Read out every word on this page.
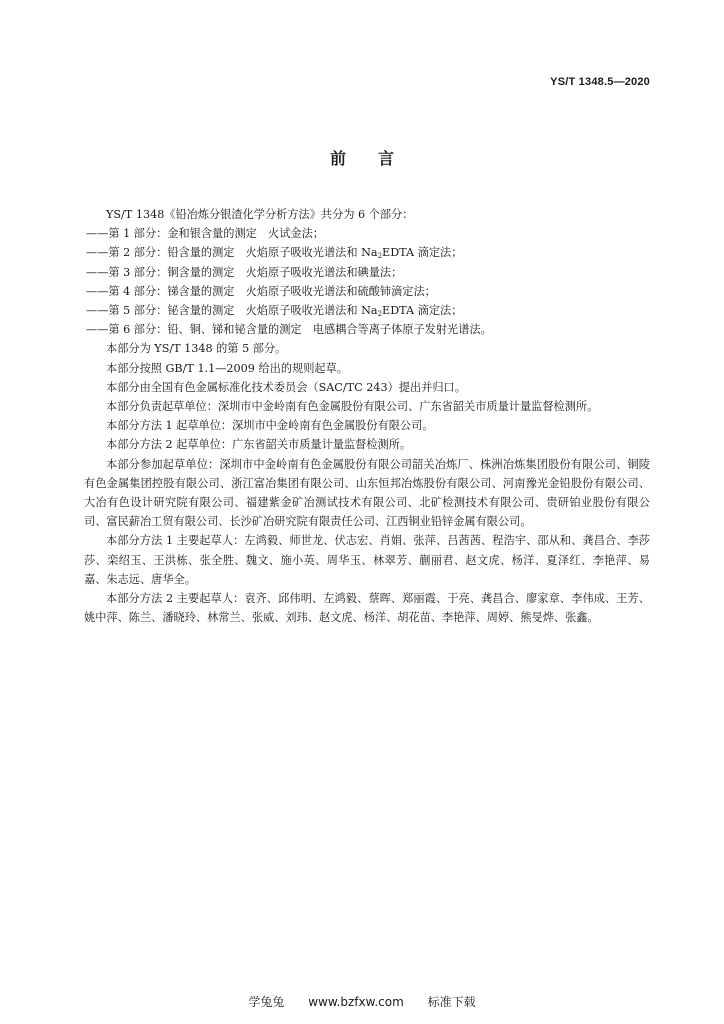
YS/T 1348.5—2020
前言

YS/T 1348《铅冶炼分银渣化学分析方法》共分为 6 个部分：

——第 1 部分：金和银含量的测定　火试金法；

——第 2 部分：铅含量的测定　火焰原子吸收光谱法和 $Na_2EDTA$ 滴定法；

——第 3 部分：铜含量的测定　火焰原子吸收光谱法和碘量法；

——第 4 部分：锑含量的测定　火焰原子吸收光谱法和硫酸铈滴定法；

——第 5 部分：铋含量的测定　火焰原子吸收光谱法和 $Na_2EDTA$ 滴定法；

——第 6 部分：铅、铜、锑和铋含量的测定　电感耦合等离子体原子发射光谱法。

本部分为 YS/T 1348 的第 5 部分。

本部分按照 GB/T 1.1—2009 给出的规则起草。

本部分由全国有色金属标准化技术委员会（SAC/TC 243）提出并归口。

本部分负责起草单位：深圳市中金岭南有色金属股份有限公司、广东省韶关市质量计量监督检测所。

本部分方法 1 起草单位：深圳市中金岭南有色金属股份有限公司。

本部分方法 2 起草单位：广东省韶关市质量计量监督检测所。

本部分参加起草单位：深圳市中金岭南有色金属股份有限公司韶关冶炼厂、株洲冶炼集团股份有限公司、铜陵有色金属集团控股有限公司、浙江富冶集团有限公司、山东恒邦冶炼股份有限公司、河南豫光金铅股份有限公司、大冶有色设计研究院有限公司、福建紫金矿冶测试技术有限公司、北矿检测技术有限公司、贵研铂业股份有限公司、富民薪冶工贸有限公司、长沙矿冶研究院有限责任公司、江西铜业铅锌金属有限公司。

本部分方法 1 主要起草人：左鸿毅、师世龙、伏志宏、肖娟、张萍、吕茜茜、程浩宇、邵从和、龚昌合、李莎莎、栾绍玉、王洪栋、张全胜、魏文、施小英、周华玉、林翠芳、蒯丽君、赵文虎、杨洋、夏泽红、李艳萍、易嘉、朱志远、唐华全。

本部分方法 2 主要起草人：袁齐、邱伟明、左鸿毅、蔡晖、郑丽霞、于亮、龚昌合、廖家章、李伟成、王芳、姚中萍、陈兰、潘晓玲、林常兰、张威、刘玮、赵文虎、杨洋、胡花苗、李艳萍、周婷、熊旻烨、张鑫。

学兔兔 www.bzfxw.com 标准下载
